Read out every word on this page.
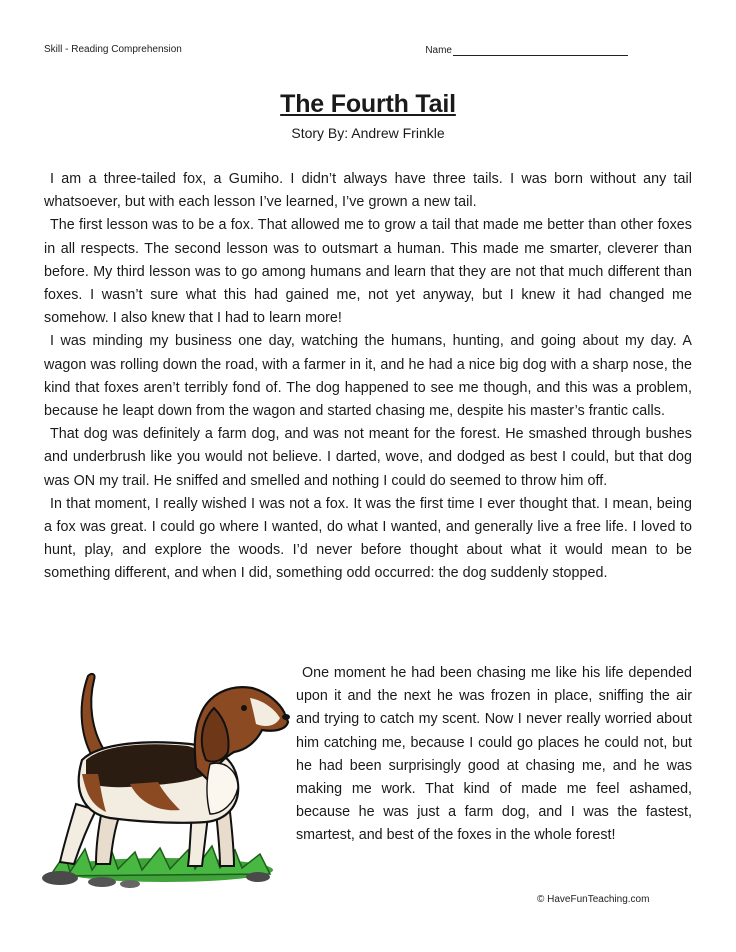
Skill - Reading Comprehension	Name
The Fourth Tail
Story By: Andrew Frinkle

I am a three-tailed fox, a Gumiho. I didn’t always have three tails. I was born without any tail whatsoever, but with each lesson I’ve learned, I’ve grown a new tail.

The first lesson was to be a fox. That allowed me to grow a tail that made me better than other foxes in all respects. The second lesson was to outsmart a human. This made me smarter, cleverer than before. My third lesson was to go among humans and learn that they are not that much different than foxes. I wasn’t sure what this had gained me, not yet anyway, but I knew it had changed me somehow. I also knew that I had to learn more!

I was minding my business one day, watching the humans, hunting, and going about my day. A wagon was rolling down the road, with a farmer in it, and he had a nice big dog with a sharp nose, the kind that foxes aren’t terribly fond of. The dog happened to see me though, and this was a problem, because he leapt down from the wagon and started chasing me, despite his master’s frantic calls.

That dog was definitely a farm dog, and was not meant for the forest. He smashed through bushes and underbrush like you would not believe. I darted, wove, and dodged as best I could, but that dog was ON my trail. He sniffed and smelled and nothing I could do seemed to throw him off.

In that moment, I really wished I was not a fox. It was the first time I ever thought that. I mean, being a fox was great. I could go where I wanted, do what I wanted, and generally live a free life. I loved to hunt, play, and explore the woods. I’d never before thought about what it would mean to be something different, and when I did, something odd occurred: the dog suddenly stopped.

One moment he had been chasing me like his life depended upon it and the next he was frozen in place, sniffing the air and trying to catch my scent. Now I never really worried about him catching me, because I could go places he could not, but he had been surprisingly good at chasing me, and he was making me work. That kind of made me feel ashamed, because he was just a farm dog, and I was the fastest, smartest, and best of the foxes in the whole forest!

© HaveFunTeaching.com
